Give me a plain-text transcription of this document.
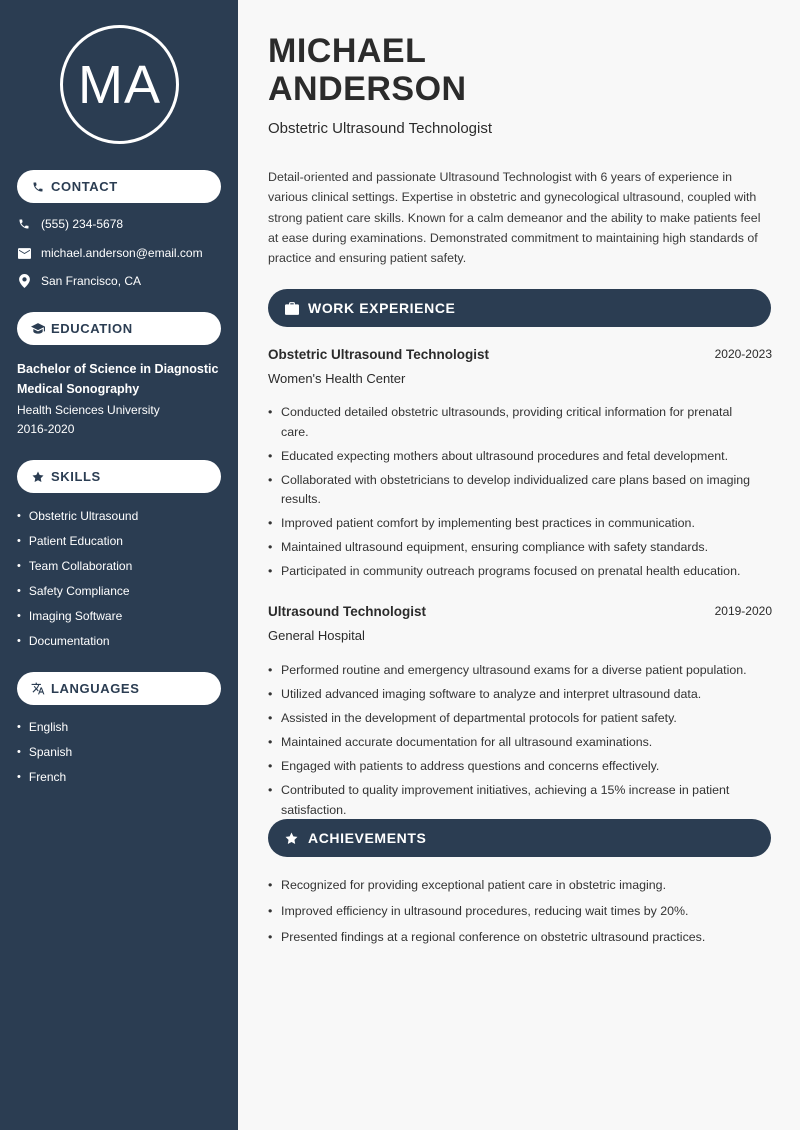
MA
CONTACT
(555) 234-5678
michael.anderson@email.com
San Francisco, CA
EDUCATION
Bachelor of Science in Diagnostic Medical Sonography
Health Sciences University
2016-2020
SKILLS
• Obstetric Ultrasound
• Patient Education
• Team Collaboration
• Safety Compliance
• Imaging Software
• Documentation
LANGUAGES
• English
• Spanish
• French
MICHAEL
ANDERSON
Obstetric Ultrasound Technologist
Detail-oriented and passionate Ultrasound Technologist with 6 years of experience in various clinical settings. Expertise in obstetric and gynecological ultrasound, coupled with strong patient care skills. Known for a calm demeanor and the ability to make patients feel at ease during examinations. Demonstrated commitment to maintaining high standards of practice and ensuring patient safety.
WORK EXPERIENCE
Obstetric Ultrasound Technologist	2020-2023
Women's Health Center
• Conducted detailed obstetric ultrasounds, providing critical information for prenatal care.
• Educated expecting mothers about ultrasound procedures and fetal development.
• Collaborated with obstetricians to develop individualized care plans based on imaging results.
• Improved patient comfort by implementing best practices in communication.
• Maintained ultrasound equipment, ensuring compliance with safety standards.
• Participated in community outreach programs focused on prenatal health education.
Ultrasound Technologist	2019-2020
General Hospital
• Performed routine and emergency ultrasound exams for a diverse patient population.
• Utilized advanced imaging software to analyze and interpret ultrasound data.
• Assisted in the development of departmental protocols for patient safety.
• Maintained accurate documentation for all ultrasound examinations.
• Engaged with patients to address questions and concerns effectively.
• Contributed to quality improvement initiatives, achieving a 15% increase in patient satisfaction.
ACHIEVEMENTS
• Recognized for providing exceptional patient care in obstetric imaging.
• Improved efficiency in ultrasound procedures, reducing wait times by 20%.
• Presented findings at a regional conference on obstetric ultrasound practices.
